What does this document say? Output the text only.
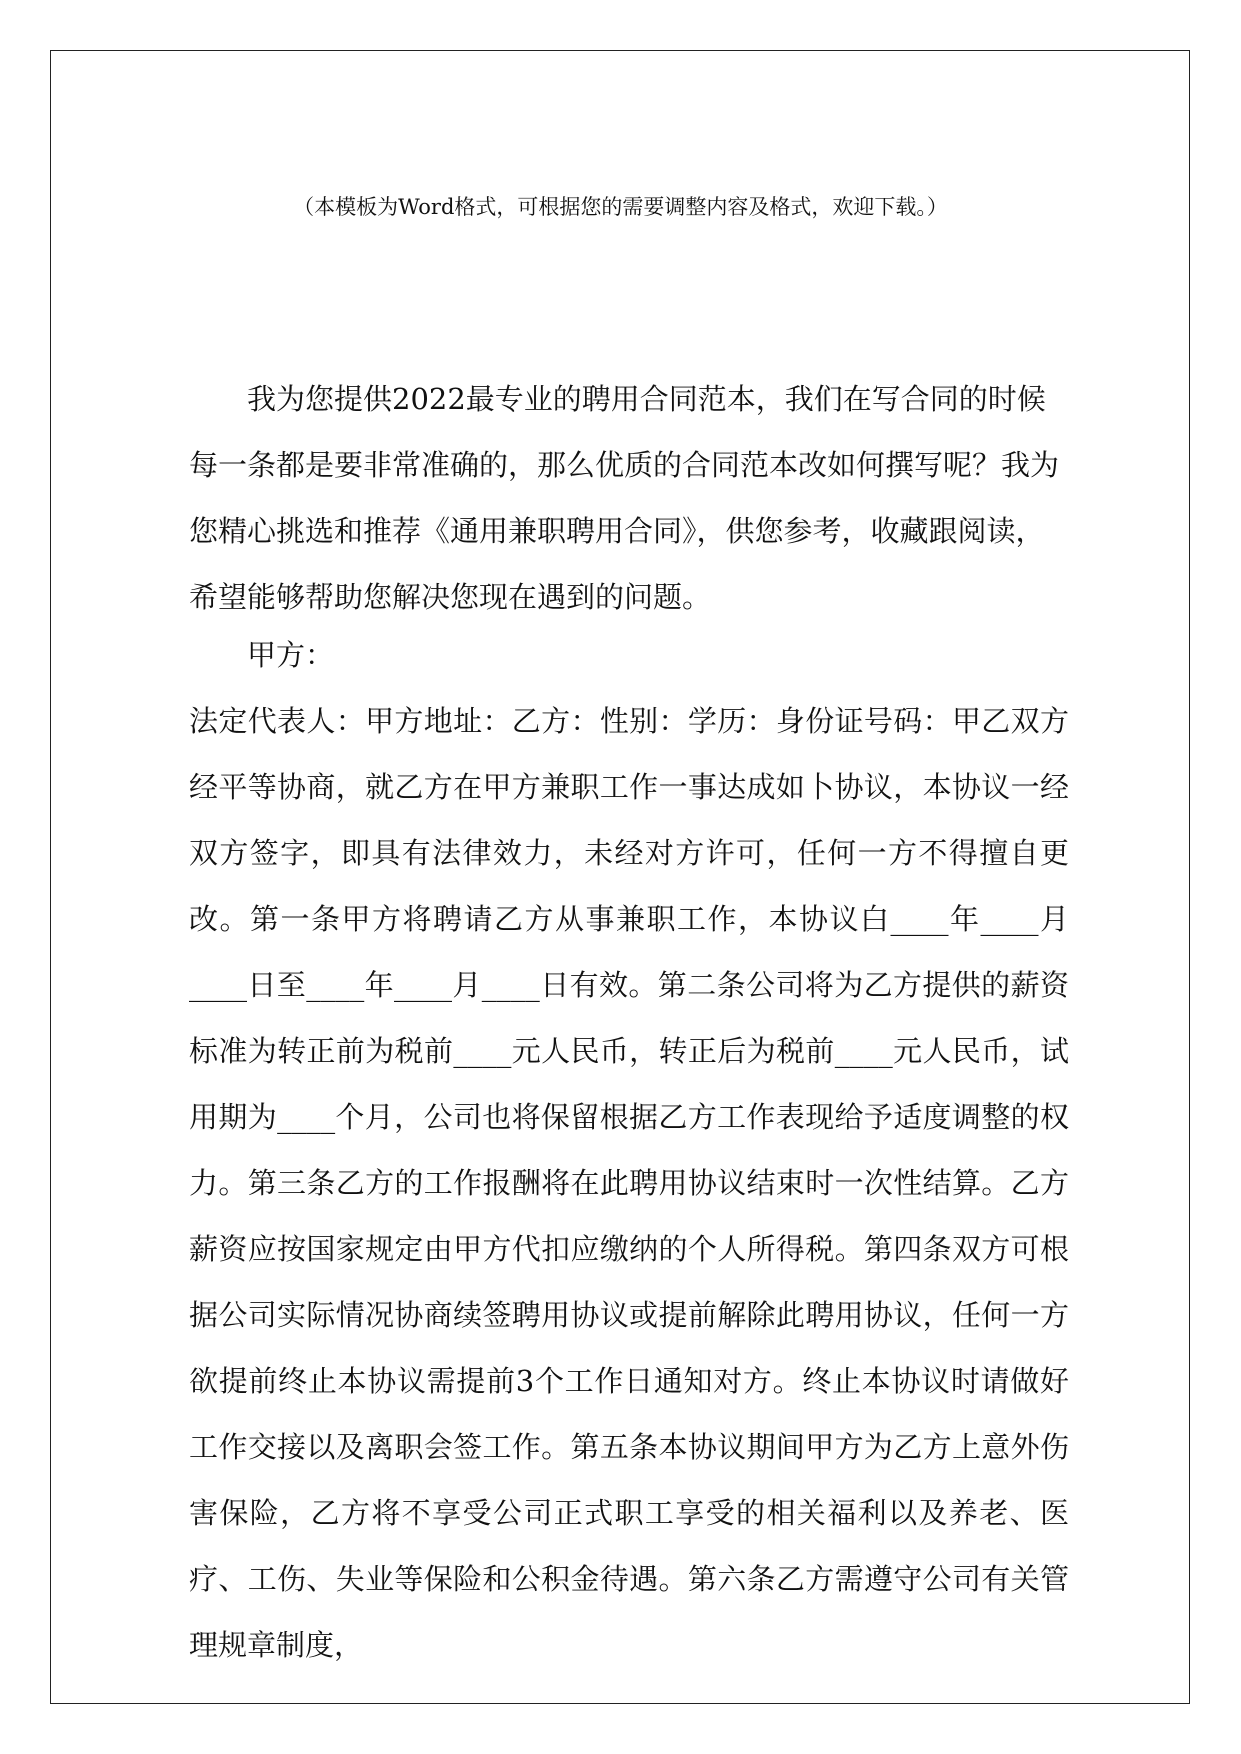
（本模板为Word格式，可根据您的需要调整内容及格式，欢迎下载。）

我为您提供2022最专业的聘用合同范本，我们在写合同的时候每一条都是要非常准确的，那么优质的合同范本改如何撰写呢？我为您精心挑选和推荐《通用兼职聘用合同》，供您参考，收藏跟阅读，希望能够帮助您解决您现在遇到的问题。

甲方：

法定代表人：甲方地址：乙方：性别：学历：身份证号码：甲乙双方经平等协商，就乙方在甲方兼职工作一事达成如卜协议，本协议一经双方签字，即具有法律效力，未经对方许可，任何一方不得擅自更改。第一条甲方将聘请乙方从事兼职工作，本协议白____年____月____日至____年____月____日有效。第二条公司将为乙方提供的薪资标准为转正前为税前____元人民币，转正后为税前____元人民币，试用期为____个月，公司也将保留根据乙方工作表现给予适度调整的权力。第三条乙方的工作报酬将在此聘用协议结束时一次性结算。乙方薪资应按国家规定由甲方代扣应缴纳的个人所得税。第四条双方可根据公司实际情况协商续签聘用协议或提前解除此聘用协议，任何一方欲提前终止本协议需提前3个工作日通知对方。终止本协议时请做好工作交接以及离职会签工作。第五条本协议期间甲方为乙方上意外伤害保险，乙方将不享受公司正式职工享受的相关福利以及养老、医疗、工伤、失业等保险和公积金待遇。第六条乙方需遵守公司有关管理规章制度，
